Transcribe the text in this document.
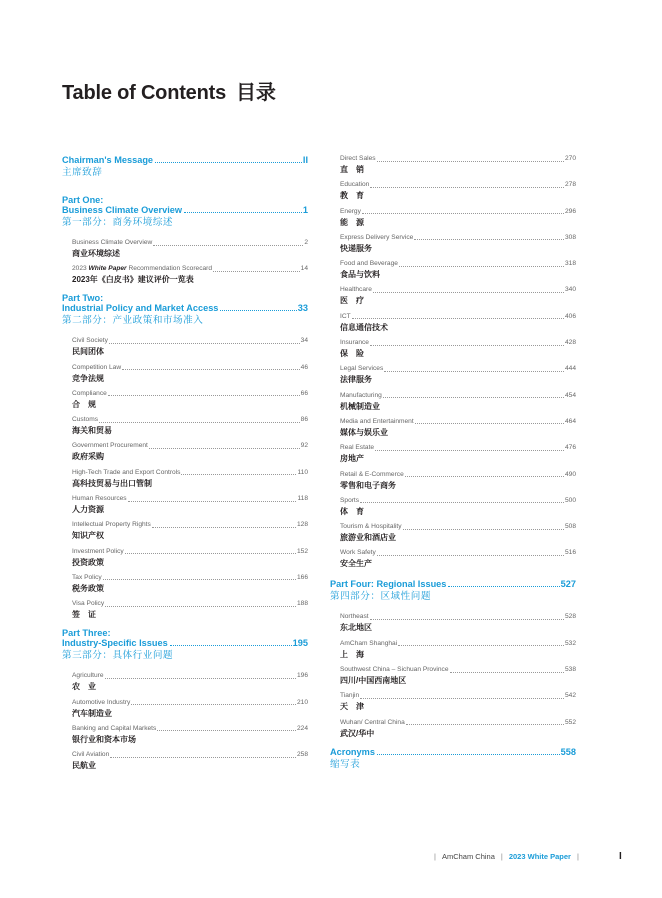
Table of Contents 目录
Chairman's Message	II
主席致辞
Part One:
Business Climate Overview	1
第一部分：商务环境综述
Business Climate Overview	2
商业环境综述
2023 White Paper Recommendation Scorecard	14
2023年《白皮书》建议评价一览表
Part Two:
Industrial Policy and Market Access	33
第二部分：产业政策和市场准入
Civil Society	34
民间团体
Competition Law	46
竞争法规
Compliance	66
合　规
Customs	86
海关和贸易
Government Procurement	92
政府采购
High-Tech Trade and Export Controls	110
高科技贸易与出口管制
Human Resources	118
人力资源
Intellectual Property Rights	128
知识产权
Investment Policy	152
投资政策
Tax Policy	166
税务政策
Visa Policy	188
签　证
Part Three:
Industry-Specific Issues	195
第三部分：具体行业问题
Agriculture	196
农　业
Automotive Industry	210
汽车制造业
Banking and Capital Markets	224
银行业和资本市场
Civil Aviation	258
民航业
Direct Sales	270
直　销
Education	278
教　育
Energy	296
能　源
Express Delivery Service	308
快递服务
Food and Beverage	318
食品与饮料
Healthcare	340
医　疗
ICT	406
信息通信技术
Insurance	428
保　险
Legal Services	444
法律服务
Manufacturing	454
机械制造业
Media and Entertainment	464
媒体与娱乐业
Real Estate	476
房地产
Retail & E-Commerce	490
零售和电子商务
Sports	500
体　育
Tourism & Hospitality	508
旅游业和酒店业
Work Safety	516
安全生产
Part Four: Regional Issues	527
第四部分：区域性问题
Northeast	528
东北地区
AmCham Shanghai	532
上　海
Southwest China – Sichuan Province	538
四川/中国西南地区
Tianjin	542
天　津
Wuhan/ Central China	552
武汉/华中
Acronyms	558
缩写表
| AmCham China | 2023 White Paper |	I
